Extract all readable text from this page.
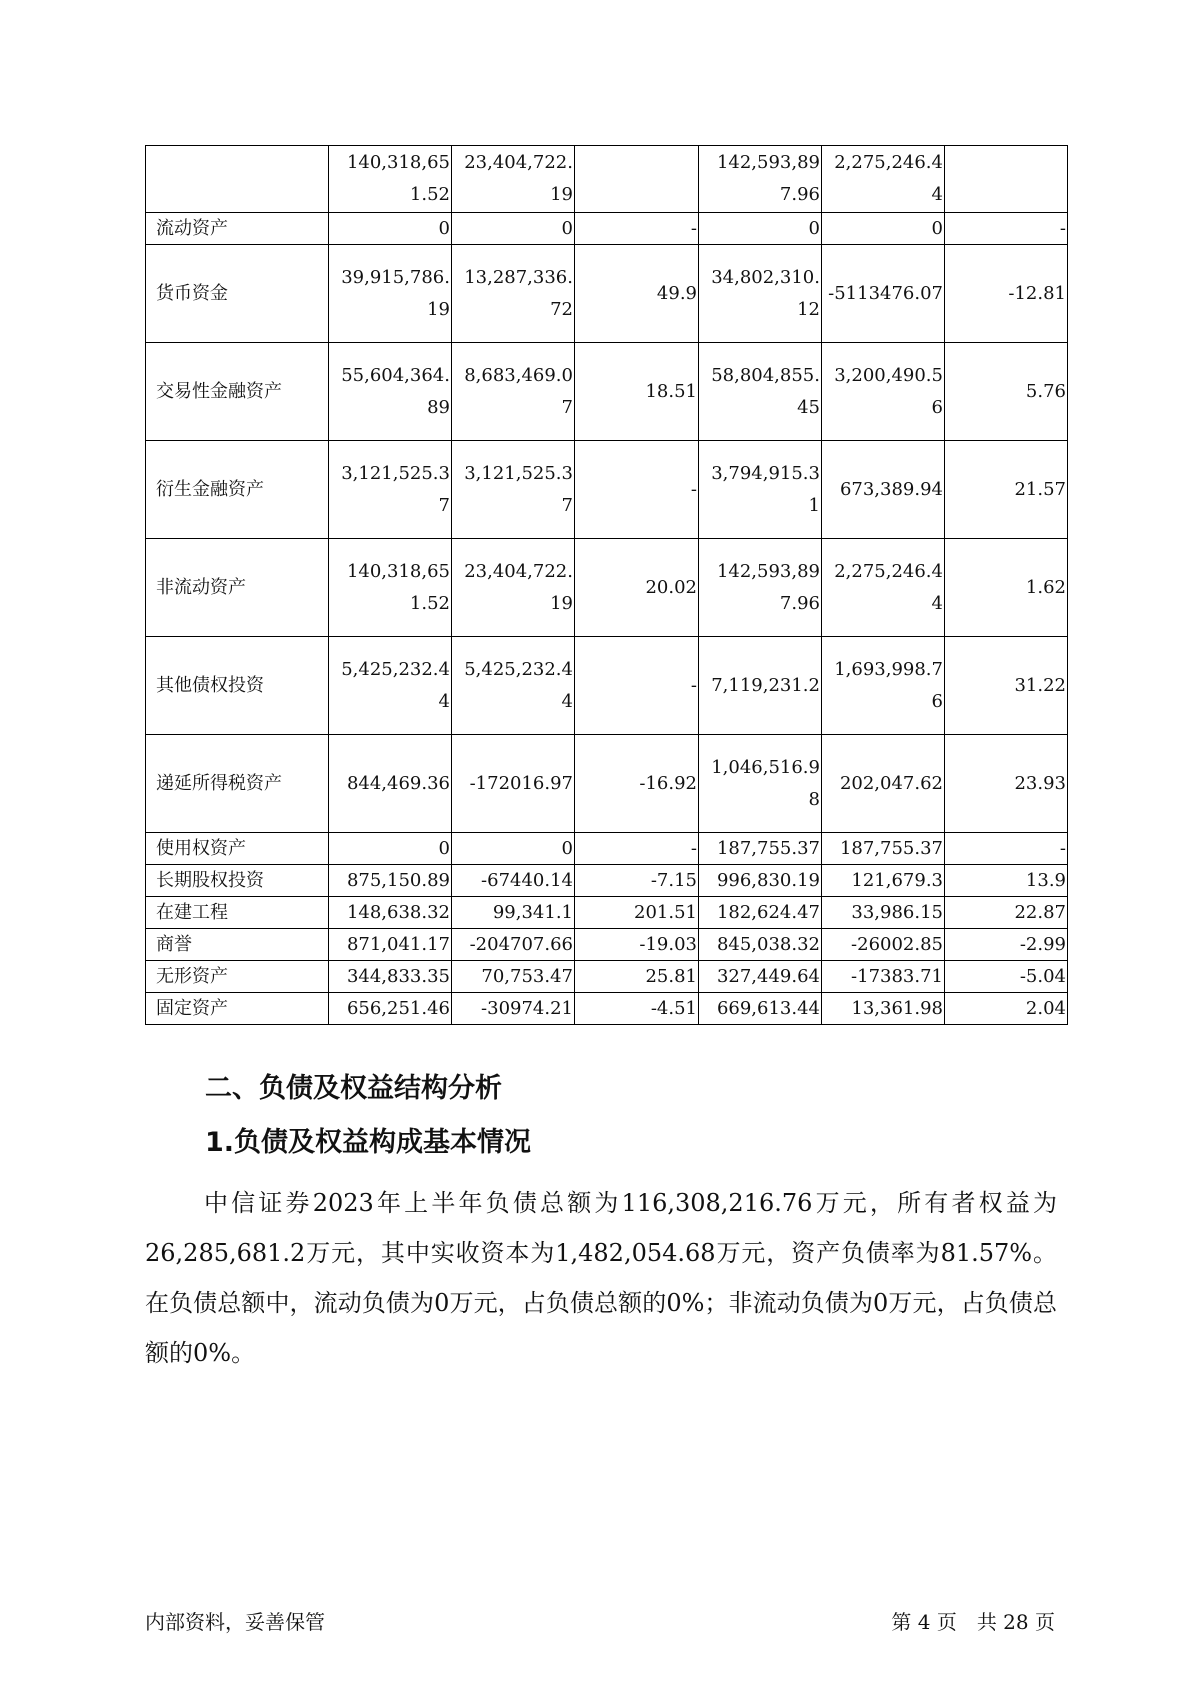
	140,318,651.52	23,404,722.19		142,593,897.96	2,275,246.44	
流动资产	0	0	-	0	0	-
货币资金	39,915,786.19	13,287,336.72	49.9	34,802,310.12	-5113476.07	-12.81
交易性金融资产	55,604,364.89	8,683,469.07	18.51	58,804,855.45	3,200,490.56	5.76
衍生金融资产	3,121,525.37	3,121,525.37	-	3,794,915.31	673,389.94	21.57
非流动资产	140,318,651.52	23,404,722.19	20.02	142,593,897.96	2,275,246.44	1.62
其他债权投资	5,425,232.44	5,425,232.44	-	7,119,231.2	1,693,998.76	31.22
递延所得税资产	844,469.36	-172016.97	-16.92	1,046,516.98	202,047.62	23.93
使用权资产	0	0	-	187,755.37	187,755.37	-
长期股权投资	875,150.89	-67440.14	-7.15	996,830.19	121,679.3	13.9
在建工程	148,638.32	99,341.1	201.51	182,624.47	33,986.15	22.87
商誉	871,041.17	-204707.66	-19.03	845,038.32	-26002.85	-2.99
无形资产	344,833.35	70,753.47	25.81	327,449.64	-17383.71	-5.04
固定资产	656,251.46	-30974.21	-4.51	669,613.44	13,361.98	2.04
二、负债及权益结构分析
1.负债及权益构成基本情况

中信证券2023年上半年负债总额为116,308,216.76万元，所有者权益为26,285,681.2万元，其中实收资本为1,482,054.68万元，资产负债率为81.57%。在负债总额中，流动负债为0万元，占负债总额的0%；非流动负债为0万元，占负债总额的0%。

内部资料，妥善保管	第 4 页　共 28 页
